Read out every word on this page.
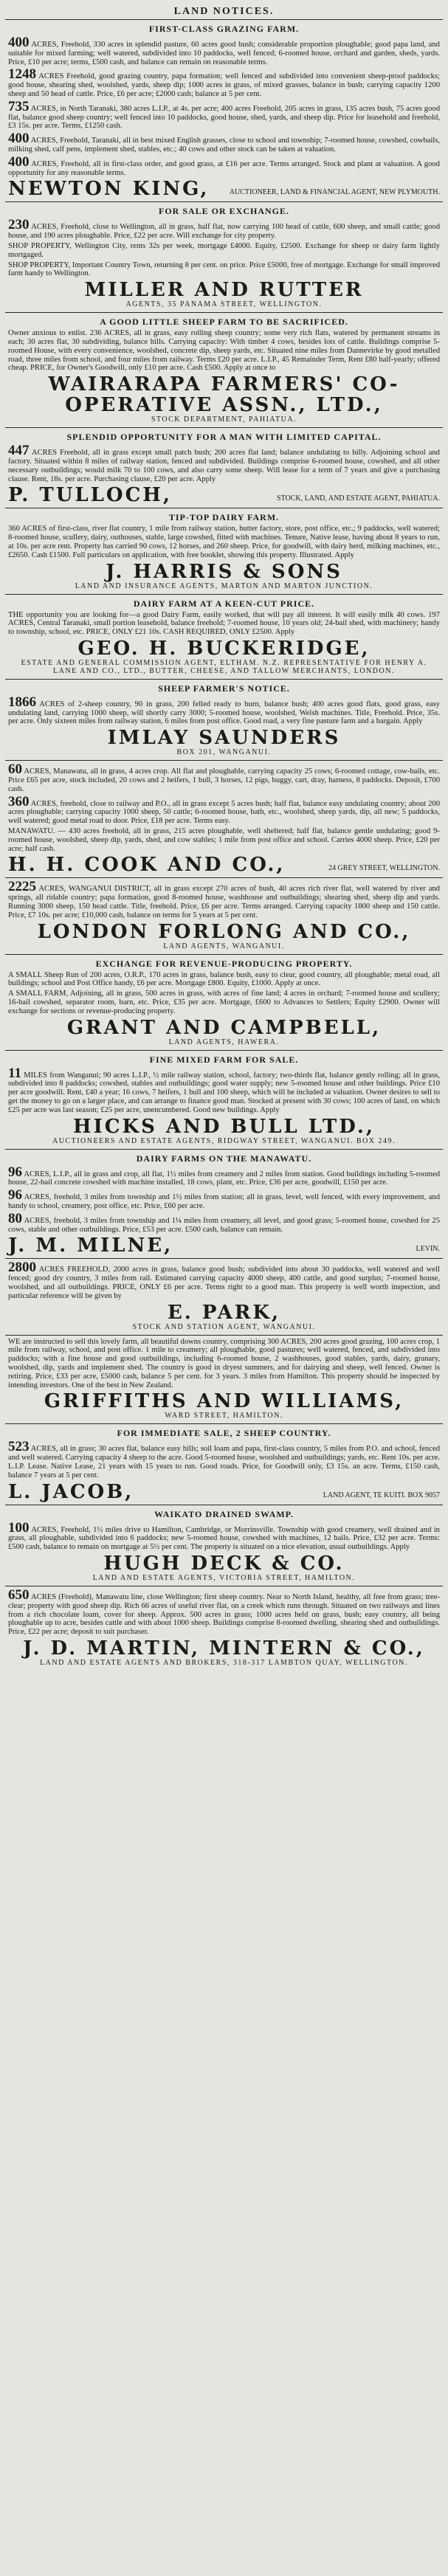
LAND NOTICES.
FIRST-CLASS GRAZING FARM.

400 ACRES, Freehold, 330 acres in splendid pasture, 60 acres good bush; considerable proportion ploughable; good papa land, and suitable for mixed farming; well watered, subdivided into 10 paddocks, well fenced; 6-roomed house, orchard and garden, sheds, yards. Price, £10 per acre; terms, £500 cash, and balance can remain on reasonable terms.

1248 ACRES Freehold, good grazing country, papa formation; well fenced and subdivided into convenient sheep-proof paddocks; good house, shearing shed, woolshed, yards, sheep dip; 1000 acres in grass, of mixed grasses, balance in bush; carrying capacity 1200 sheep and 50 head of cattle. Price, £6 per acre; £2000 cash; balance at 5 per cent.

735 ACRES, in North Taranaki, 380 acres L.I.P., at 4s. per acre; 400 acres Freehold, 205 acres in grass, 135 acres bush, 75 acres good flat, balance good sheep country; well fenced into 10 paddocks, good house, shed, yards, and sheep dip. Price for leasehold and freehold, £3 15s. per acre. Terms, £1250 cash.

400 ACRES, Freehold, Taranaki, all in best mixed English grasses, close to school and township; 7-roomed house, cowshed, cowbails, milking shed, calf pens, implement shed, stables, etc.; 40 cows and other stock can be taken at valuation.

400 ACRES, Freehold, all in first-class order, and good grass, at £16 per acre. Terms arranged. Stock and plant at valuation. A good opportunity for any reasonable terms.

NEWTON KING,	AUCTIONEER, LAND & FINANCIAL AGENT, NEW PLYMOUTH.
FOR SALE OR EXCHANGE.

230 ACRES, Freehold, close to Wellington, all in grass, half flat, now carrying 100 head of cattle, 600 sheep, and small cattle; good house, and 190 acres ploughable. Price, £22 per acre. Will exchange for city property.

SHOP PROPERTY, Wellington City, rents 32s per week, mortgage £4000. Equity, £2500. Exchange for sheep or dairy farm lightly mortgaged.

SHOP PROPERTY, Important Country Town, returning 8 per cent. on price. Price £5000, free of mortgage. Exchange for small improved farm handy to Wellington.

MILLER AND RUTTER
AGENTS, 35 PANAMA STREET, WELLINGTON.
A GOOD LITTLE SHEEP FARM TO BE SACRIFICED.

Owner anxious to enlist. 236 ACRES, all in grass, easy rolling sheep country; some very rich flats, watered by permanent streams in each; 30 acres flat, 30 subdividing, balance hills. Carrying capacity: With timber 4 cows, besides lots of cattle. Buildings comprise 5-roomed House, with every convenience, woolshed, concrete dip, sheep yards, etc. Situated nine miles from Dannevirke by good metalled road, three miles from school, and four miles from railway. Terms £20 per acre. L.I.P., 45 Remainder Term, Rent £80 half-yearly; offered cheap. PRICE, for Owner's Goodwill, only £10 per acre. Cash £500. Apply at once to

WAIRARAPA FARMERS' CO-OPERATIVE ASSN., LTD.,
STOCK DEPARTMENT, PAHIATUA.
SPLENDID OPPORTUNITY FOR A MAN WITH LIMITED CAPITAL.

447 ACRES Freehold, all in grass except small patch bush; 200 acres flat land; balance undulating to hilly. Adjoining school and factory. Situated within 8 miles of railway station, fenced and subdivided. Buildings comprise 6-roomed house, cowshed, and all other necessary outbuildings; would milk 70 to 100 cows, and also carry some sheep. Will lease for a term of 7 years and give a purchasing clause. Rent, 18s. per acre. Purchasing clause, £20 per acre. Apply

P. TULLOCH,	STOCK, LAND, AND ESTATE AGENT, PAHIATUA.
TIP-TOP DAIRY FARM.

360 ACRES of first-class, river flat country, 1 mile from railway station, butter factory, store, post office, etc.; 9 paddocks, well watered; 8-roomed house, scullery, dairy, outhouses, stable, large cowshed, fitted with machines. Tenure, Native lease, having about 8 years to run, at 10s. per acre rent. Property has carried 90 cows, 12 horses, and 260 sheep. Price, for goodwill, with dairy herd, milking machines, etc., £2650. Cash £1500. Full particulars on application, with free booklet, showing this property. Illustrated. Apply

J. HARRIS & SONS
LAND AND INSURANCE AGENTS, MARTON AND MARTON JUNCTION.
DAIRY FARM AT A KEEN-CUT PRICE.

THE opportunity you are looking for—a good Dairy Farm, easily worked, that will pay all interest. It will easily milk 40 cows. 197 ACRES, Central Taranaki, small portion leasehold, balance freehold; 7-roomed house, 10 years old; 24-bail shed, with machinery; handy to township, school, etc. PRICE, ONLY £21 10s. CASH REQUIRED, ONLY £2500. Apply

GEO. H. BUCKERIDGE,
ESTATE AND GENERAL COMMISSION AGENT, ELTHAM. N.Z. REPRESENTATIVE FOR HENRY A. LANE AND CO., LTD., BUTTER, CHEESE, AND TALLOW MERCHANTS, LONDON.
SHEEP FARMER'S NOTICE.

1866 ACRES of 2-sheep country, 90 in grass, 200 felled ready to burn, balance bush; 400 acres good flats, good grass, easy undulating land, carrying 1000 sheep, will shortly carry 3000; 5-roomed house, woolshed, Welsh machines. Title, Freehold. Price, 35s. per acre. Only sixteen miles from railway station, 6 miles from post office. Good road, a very fine pasture farm and a bargain. Apply

IMLAY SAUNDERS
BOX 201, WANGANUI.

60 ACRES, Manawatu, all in grass, 4 acres crop. All flat and ploughable, carrying capacity 25 cows; 6-roomed cottage, cow-bails, etc. Price £65 per acre, stock included, 20 cows and 2 heifers, 1 bull, 3 horses, 12 pigs, buggy, cart, dray, harness, 8 paddocks. Deposit, £700 cash.

360 ACRES, freehold, close to railway and P.O., all in grass except 5 acres bush; half flat, balance easy undulating country; about 200 acres ploughable; carrying capacity 1000 sheep, 50 cattle; 6-roomed house, bath, etc., woolshed, sheep yards, dip, all new; 5 paddocks, well watered; good metal road to door. Price, £18 per acre. Terms easy.

MANAWATU. — 430 acres freehold, all in grass, 215 acres ploughable, well sheltered; half flat, balance gentle undulating; good 9-roomed house, woolshed, sheep dip, yards, shed, and cow stables; 1 mile from post office and school. Carries 4000 sheep. Price, £20 per acre; half cash.

H. H. COOK AND CO.,	24 GREY STREET, WELLINGTON.

2225 ACRES, WANGANUI DISTRICT, all in grass except 270 acres of bush, 40 acres rich river flat, well watered by river and springs, all ridable country; papa formation, good 8-roomed house, washhouse and outbuildings; shearing shed, sheep dip and yards. Running 3000 sheep, 150 head cattle. Title, freehold. Price, £6 per acre. Terms arranged. Carrying capacity 1800 sheep and 150 cattle. Price, £7 10s. per acre; £10,000 cash, balance on terms for 5 years at 5 per cent.

LONDON FORLONG AND CO.,
LAND AGENTS, WANGANUI.
EXCHANGE FOR REVENUE-PRODUCING PROPERTY.

A SMALL Sheep Run of 200 acres, O.R.P., 170 acres in grass, balance bush, easy to clear, good country, all ploughable; metal road, all buildings; school and Post Office handy, £6 per acre. Mortgage £800. Equity, £1000. Apply at once.

A SMALL FARM, Adjoining, all in grass, 500 acres in grass, with acres of fine land; 4 acres in orchard; 7-roomed house and scullery; 16-bail cowshed, separator room, barn, etc. Price, £35 per acre. Mortgage, £600 to Advances to Settlers; Equity £2900. Owner will exchange for sections or revenue-producing property.

GRANT AND CAMPBELL,
LAND AGENTS, HAWERA.
FINE MIXED FARM FOR SALE.

11 MILES from Wanganui; 90 acres L.I.P., ½ mile railway station, school, factory; two-thirds flat, balance gently rolling; all in grass, subdivided into 8 paddocks; cowshed, stables and outbuildings; good water supply; new 5-roomed house and other buildings. Price £10 per acre goodwill. Rent, £40 a year; 16 cows, 7 heifers, 1 bull and 100 sheep, which will be included at valuation. Owner desires to sell to get the money to go on a larger place, and can arrange to finance good man. Stocked at present with 30 cows; 100 acres of land, on which £25 per acre was last season; £25 per acre, unencumbered. Good new buildings. Apply

HICKS AND BULL LTD.,
AUCTIONEERS AND ESTATE AGENTS, RIDGWAY STREET, WANGANUI. BOX 249.
DAIRY FARMS ON THE MANAWATU.

96 ACRES, L.I.P., all in grass and crop, all flat, 1½ miles from creamery and 2 miles from station. Good buildings including 5-roomed house, 22-bail concrete cowshed with machine installed, 18 cows, plant, etc. Price, £36 per acre, goodwill, £150 per acre.

96 ACRES, freehold, 3 miles from township and 1½ miles from station; all in grass, level, well fenced, with every improvement, and handy to school, creamery, post office, etc. Price, £60 per acre.

80 ACRES, freehold, 3 miles from township and 1¼ miles from creamery, all level, and good grass; 5-roomed house, cowshed for 25 cows, stable and other outbuildings. Price, £53 per acre. £500 cash, balance can remain.

J. M. MILNE,	LEVIN.

2800 ACRES FREEHOLD, 2000 acres in grass, balance good bush; subdivided into about 30 paddocks, well watered and well fenced; good dry country, 3 miles from rail. Estimated carrying capacity 4000 sheep, 400 cattle, and good surplus; 7-roomed house, woolshed, and all outbuildings. PRICE, ONLY £6 per acre. Terms right to a good man. This property is well worth inspection, and particular reference will be given by

E. PARK,
STOCK AND STATION AGENT, WANGANUI.

WE are instructed to sell this lovely farm, all beautiful downs country, comprising 300 ACRES, 200 acres good grazing, 100 acres crop, 1 mile from railway, school, and post office. 1 mile to creamery; all ploughable, good pastures; well watered, fenced, and subdivided into paddocks; with a fine house and good outbuildings, including 6-roomed house, 2 washhouses, good stables, yards, dairy, granary, woolshed, dip, yards and implement shed. The country is good in dryest summers, and for dairying and sheep, well fenced. Owner is retiring. Price, £33 per acre, £5000 cash, balance 5 per cent. for 3 years. 3 miles from Hamilton. This property should be inspected by intending investors. One of the best in New Zealand.

GRIFFITHS AND WILLIAMS,
WARD STREET, HAMILTON.
FOR IMMEDIATE SALE, 2 SHEEP COUNTRY.

523 ACRES, all in grass; 30 acres flat, balance easy hills; soil loam and papa, first-class country, 5 miles from P.O. and school, fenced and well watered. Carrying capacity 4 sheep to the acre. Good 5-roomed house, woolshed and outbuildings; yards, etc. Rent 10s. per acre. L.I.P. Lease. Native Lease, 21 years with 15 years to run. Good roads. Price, for Goodwill only, £3 15s. an acre. Terms, £150 cash, balance 7 years at 5 per cent.

L. JACOB,	LAND AGENT, TE KUITI. BOX 9057
WAIKATO DRAINED SWAMP.

100 ACRES, Freehold, 1½ miles drive to Hamilton, Cambridge, or Morrinsville. Township with good creamery, well drained and in grass, all ploughable, subdivided into 6 paddocks; new 5-roomed house, cowshed with machines, 12 bails. Price, £32 per acre. Terms: £500 cash, balance to remain on mortgage at 5½ per cent. The property is situated on a nice elevation, usual outbuildings. Apply

HUGH DECK & CO.
LAND AND ESTATE AGENTS, VICTORIA STREET, HAMILTON.

650 ACRES (Freehold), Manawatu line, close Wellington; first sheep country. Near to North Island, healthy, all free from grass; tree-clear; property with good sheep dip. Rich 66 acres of useful river flat, on a creek which runs through. Situated on two railways and lines from a rich chocolate loam, cover for sheep. Approx. 500 acres in grass; 1000 acres held on grass, bush; easy country, all being ploughable up to acre, besides cattle and with about 1000 sheep. Buildings comprise 8-roomed dwelling, shearing shed and outbuildings. Price, £22 per acre; deposit to suit purchaser.

J. D. MARTIN, MINTERN & CO.,
LAND AND ESTATE AGENTS AND BROKERS, 318-317 LAMBTON QUAY, WELLINGTON.
